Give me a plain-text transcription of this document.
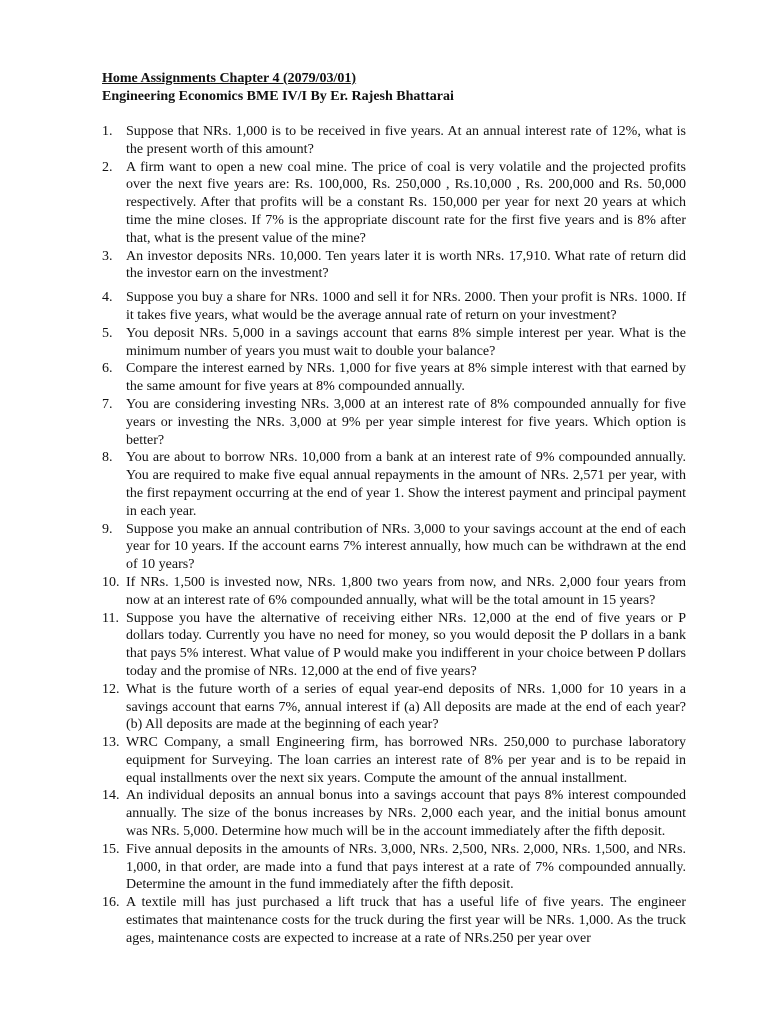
Home Assignments Chapter 4 (2079/03/01)
Engineering Economics BME IV/I By Er. Rajesh Bhattarai
1. Suppose that NRs. 1,000 is to be received in five years. At an annual interest rate of 12%, what is the present worth of this amount?
2. A firm want to open a new coal mine. The price of coal is very volatile and the projected profits over the next five years are: Rs. 100,000, Rs. 250,000 , Rs.10,000 , Rs. 200,000 and Rs. 50,000 respectively. After that profits will be a constant Rs. 150,000 per year for next 20 years at which time the mine closes. If 7% is the appropriate discount rate for the first five years and is 8% after that, what is the present value of the mine?
3. An investor deposits NRs. 10,000. Ten years later it is worth NRs. 17,910. What rate of return did the investor earn on the investment?
4. Suppose you buy a share for NRs. 1000 and sell it for NRs. 2000. Then your profit is NRs. 1000. If it takes five years, what would be the average annual rate of return on your investment?
5. You deposit NRs. 5,000 in a savings account that earns 8% simple interest per year. What is the minimum number of years you must wait to double your balance?
6. Compare the interest earned by NRs. 1,000 for five years at 8% simple interest with that earned by the same amount for five years at 8% compounded annually.
7. You are considering investing NRs. 3,000 at an interest rate of 8% compounded annually for five years or investing the NRs. 3,000 at 9% per year simple interest for five years. Which option is better?
8. You are about to borrow NRs. 10,000 from a bank at an interest rate of 9% compounded annually. You are required to make five equal annual repayments in the amount of NRs. 2,571 per year, with the first repayment occurring at the end of year 1. Show the interest payment and principal payment in each year.
9. Suppose you make an annual contribution of NRs. 3,000 to your savings account at the end of each year for 10 years. If the account earns 7% interest annually, how much can be withdrawn at the end of 10 years?
10. If NRs. 1,500 is invested now, NRs. 1,800 two years from now, and NRs. 2,000 four years from now at an interest rate of 6% compounded annually, what will be the total amount in 15 years?
11. Suppose you have the alternative of receiving either NRs. 12,000 at the end of five years or P dollars today. Currently you have no need for money, so you would deposit the P dollars in a bank that pays 5% interest. What value of P would make you indifferent in your choice between P dollars today and the promise of NRs. 12,000 at the end of five years?
12. What is the future worth of a series of equal year-end deposits of NRs. 1,000 for 10 years in a savings account that earns 7%, annual interest if (a) All deposits are made at the end of each year? (b) All deposits are made at the beginning of each year?
13. WRC Company, a small Engineering firm, has borrowed NRs. 250,000 to purchase laboratory equipment for Surveying. The loan carries an interest rate of 8% per year and is to be repaid in equal installments over the next six years. Compute the amount of the annual installment.
14. An individual deposits an annual bonus into a savings account that pays 8% interest compounded annually. The size of the bonus increases by NRs. 2,000 each year, and the initial bonus amount was NRs. 5,000. Determine how much will be in the account immediately after the fifth deposit.
15. Five annual deposits in the amounts of NRs. 3,000, NRs. 2,500, NRs. 2,000, NRs. 1,500, and NRs. 1,000, in that order, are made into a fund that pays interest at a rate of 7% compounded annually. Determine the amount in the fund immediately after the fifth deposit.
16. A textile mill has just purchased a lift truck that has a useful life of five years. The engineer estimates that maintenance costs for the truck during the first year will be NRs. 1,000. As the truck ages, maintenance costs are expected to increase at a rate of NRs.250 per year over
